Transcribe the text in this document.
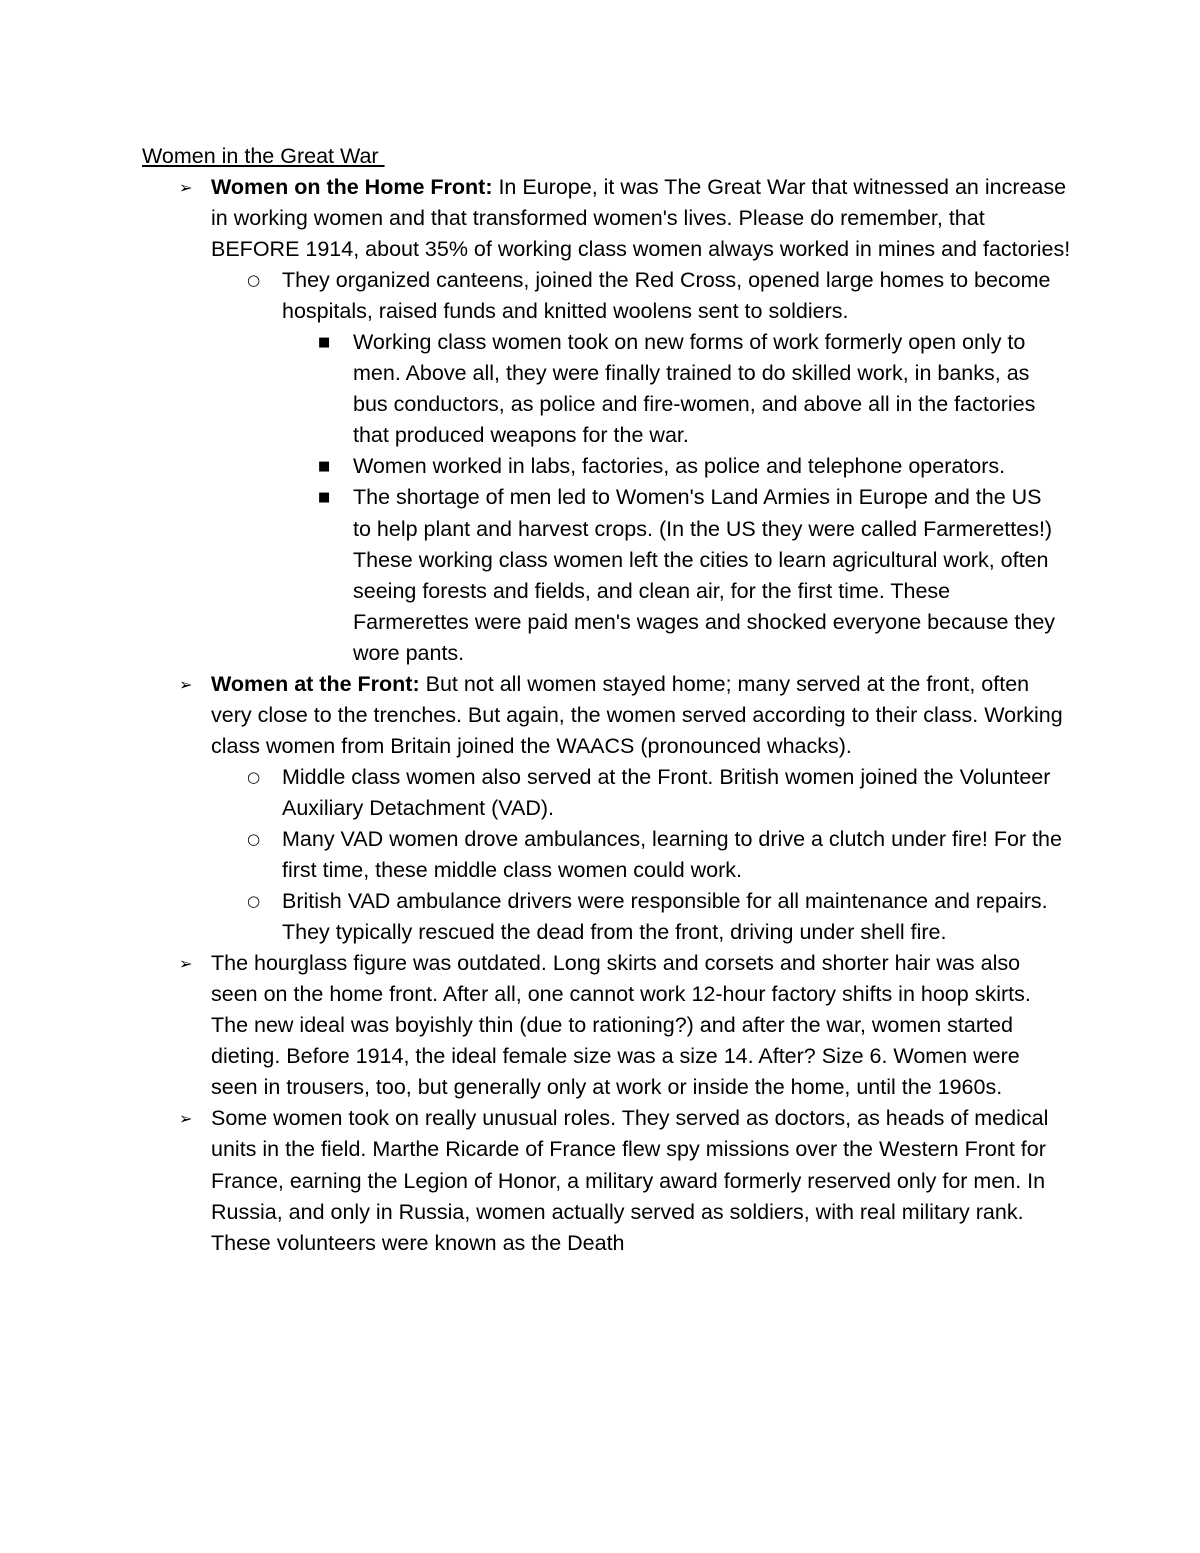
Women in the Great War
➢ Women on the Home Front: In Europe, it was The Great War that witnessed an increase in working women and that transformed women's lives. Please do remember, that BEFORE 1914, about 35% of working class women always worked in mines and factories!
○ They organized canteens, joined the Red Cross, opened large homes to become hospitals, raised funds and knitted woolens sent to soldiers.
■ Working class women took on new forms of work formerly open only to men. Above all, they were finally trained to do skilled work, in banks, as bus conductors, as police and fire-women, and above all in the factories that produced weapons for the war.
■ Women worked in labs, factories, as police and telephone operators.
■ The shortage of men led to Women's Land Armies in Europe and the US to help plant and harvest crops. (In the US they were called Farmerettes!) These working class women left the cities to learn agricultural work, often seeing forests and fields, and clean air, for the first time. These Farmerettes were paid men's wages and shocked everyone because they wore pants.
➢ Women at the Front: But not all women stayed home; many served at the front, often very close to the trenches. But again, the women served according to their class. Working class women from Britain joined the WAACS (pronounced whacks).
○ Middle class women also served at the Front. British women joined the Volunteer Auxiliary Detachment (VAD).
○ Many VAD women drove ambulances, learning to drive a clutch under fire! For the first time, these middle class women could work.
○ British VAD ambulance drivers were responsible for all maintenance and repairs. They typically rescued the dead from the front, driving under shell fire.
➢ The hourglass figure was outdated. Long skirts and corsets and shorter hair was also seen on the home front. After all, one cannot work 12-hour factory shifts in hoop skirts. The new ideal was boyishly thin (due to rationing?) and after the war, women started dieting. Before 1914, the ideal female size was a size 14. After? Size 6. Women were seen in trousers, too, but generally only at work or inside the home, until the 1960s.
➢ Some women took on really unusual roles. They served as doctors, as heads of medical units in the field. Marthe Ricarde of France flew spy missions over the Western Front for France, earning the Legion of Honor, a military award formerly reserved only for men. In Russia, and only in Russia, women actually served as soldiers, with real military rank. These volunteers were known as the Death
